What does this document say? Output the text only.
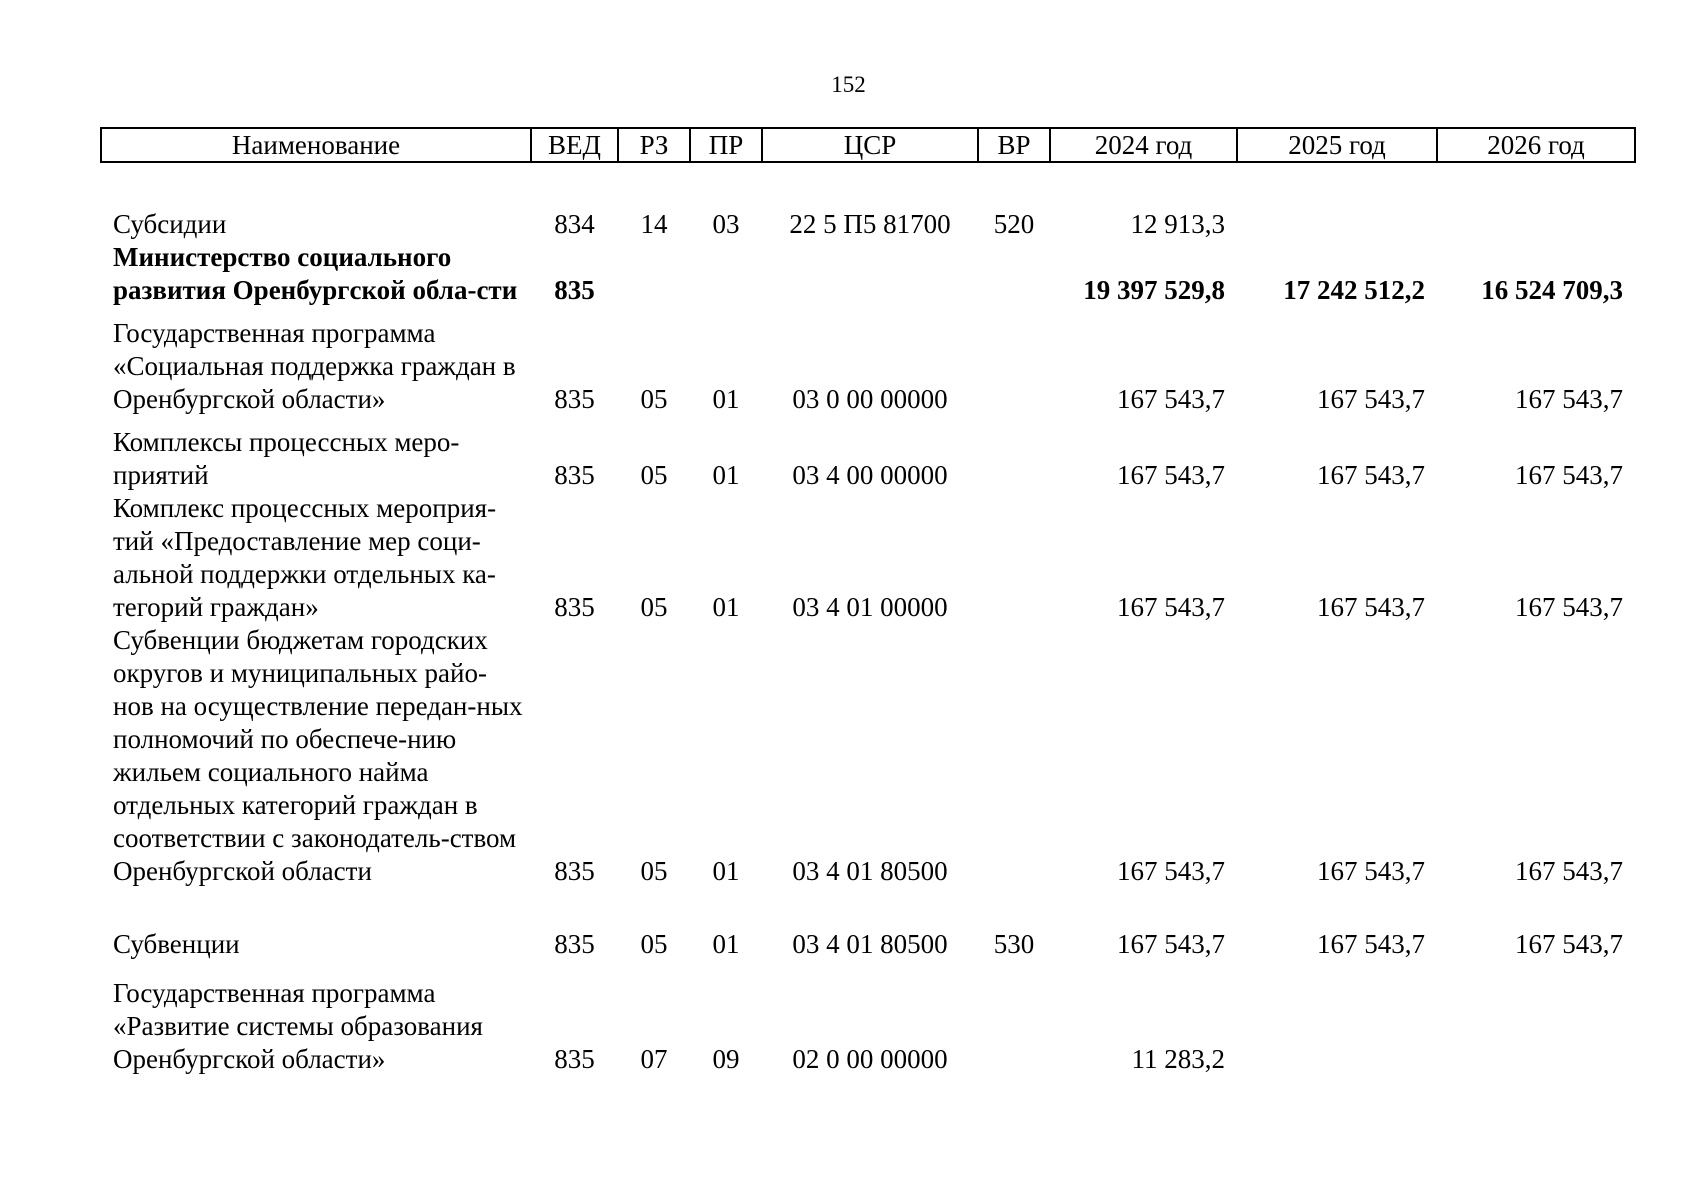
152
Наименование	ВЕД	РЗ	ПР	ЦСР	ВР	2024 год	2025 год	2026 год

Субсидии	834	14	03	22 5 П5 81700	520	12 913,3		
Министерство социального развития Оренбургской обла-сти	835					19 397 529,8	17 242 512,2	16 524 709,3

Государственная программа «Социальная поддержка граждан в Оренбургской области»	835	05	01	03 0 00 00000		167 543,7	167 543,7	167 543,7

Комплексы процессных меро-приятий	835	05	01	03 4 00 00000		167 543,7	167 543,7	167 543,7
Комплекс процессных мероприя-тий «Предоставление мер соци-альной поддержки отдельных ка-тегорий граждан»	835	05	01	03 4 01 00000		167 543,7	167 543,7	167 543,7
Субвенции бюджетам городских округов и муниципальных райо-нов на осуществление передан-ных полномочий по обеспече-нию жильем социального найма отдельных категорий граждан в соответствии с законодатель-ством Оренбургской области	835	05	01	03 4 01 80500		167 543,7	167 543,7	167 543,7

Субвенции	835	05	01	03 4 01 80500	530	167 543,7	167 543,7	167 543,7

Государственная программа «Развитие системы образования Оренбургской области»	835	07	09	02 0 00 00000		11 283,2		
